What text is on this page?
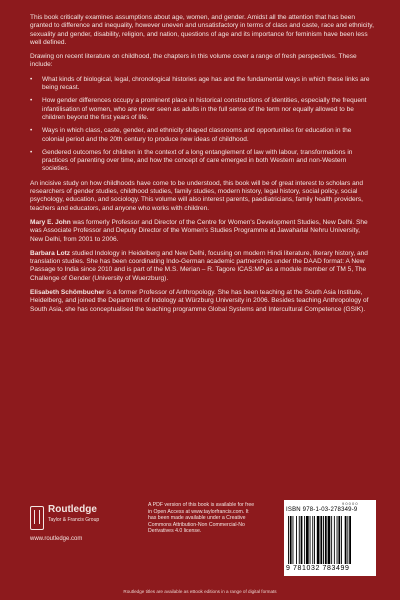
This book critically examines assumptions about age, women, and gender. Amidst all the attention that has been granted to difference and inequality, however uneven and unsatisfactory in terms of class and caste, race and ethnicity, sexuality and gender, disability, religion, and nation, questions of age and its importance for feminism have been less well defined.

Drawing on recent literature on childhood, the chapters in this volume cover a range of fresh perspectives. These include:

• What kinds of biological, legal, chronological histories age has and the fundamental ways in which these links are being recast.
• How gender differences occupy a prominent place in historical constructions of identities, especially the frequent infantilisation of women, who are never seen as adults in the full sense of the term nor equally allowed to be children beyond the first years of life.
• Ways in which class, caste, gender, and ethnicity shaped classrooms and opportunities for education in the colonial period and the 20th century to produce new ideas of childhood.
• Gendered outcomes for children in the context of a long entanglement of law with labour, transformations in practices of parenting over time, and how the concept of care emerged in both Western and non-Western societies.

An incisive study on how childhoods have come to be understood, this book will be of great interest to scholars and researchers of gender studies, childhood studies, family studies, modern history, legal history, social policy, social psychology, education, and sociology. This volume will also interest parents, paediatricians, family health providers, teachers and educators, and anyone who works with children.

Mary E. John was formerly Professor and Director of the Centre for Women's Development Studies, New Delhi. She was Associate Professor and Deputy Director of the Women's Studies Programme at Jawaharlal Nehru University, New Delhi, from 2001 to 2006.

Barbara Lotz studied Indology in Heidelberg and New Delhi, focusing on modern Hindi literature, literary history, and translation studies. She has been coordinating Indo-German academic partnerships under the DAAD format: A New Passage to India since 2010 and is part of the M.S. Merian – R. Tagore ICAS:MP as a module member of TM 5, The Challenge of Gender (University of Wuerzburg).

Elisabeth Schömbucher is a former Professor of Anthropology. She has been teaching at the South Asia Institute, Heidelberg, and joined the Department of Indology at Würzburg University in 2006. Besides teaching Anthropology of South Asia, she has conceptualised the teaching programme Global Systems and Intercultural Competence (GSIK).

Routledge
Taylor & Francis Group
www.routledge.com
A PDF version of this book is available for free in Open Access at www.taylorfrancis.com. It has been made available under a Creative Commons Attribution-Non Commercial-No Derivatives 4.0 license.
9 0 0 0 0
ISBN 978-1-03-278349-9
9 781032 783499
Routledge titles are available as eBook editions in a range of digital formats
